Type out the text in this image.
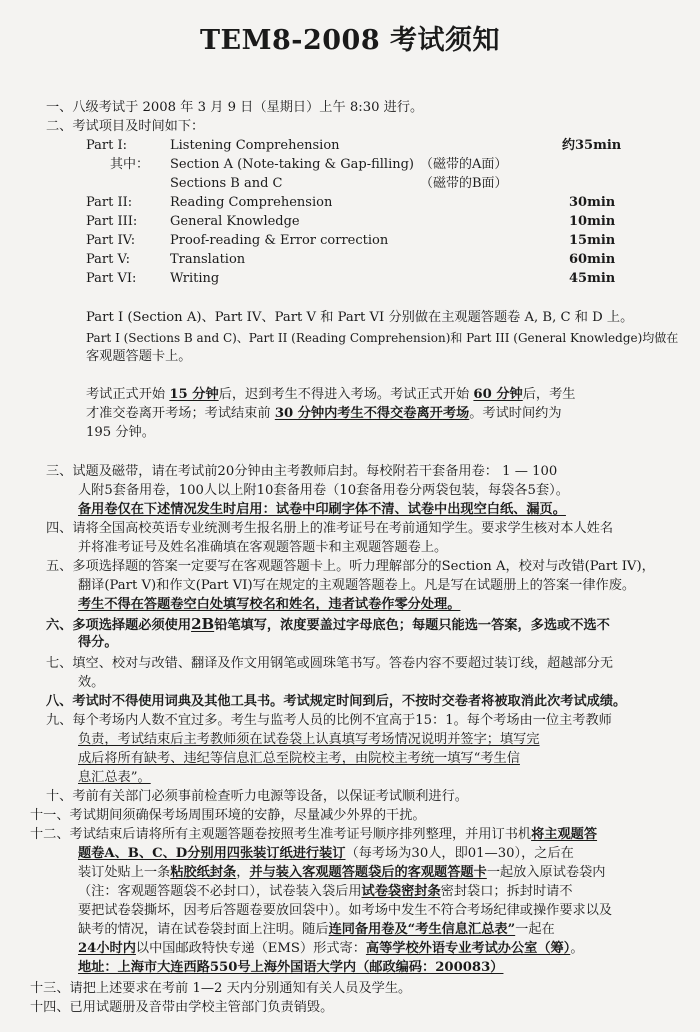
TEM8-2008 考试须知
一、八级考试于 2008 年 3 月 9 日（星期日）上午 8:30 进行。
二、考试项目及时间如下：
Part I:	Listening Comprehension	约35min
其中： Section A (Note-taking & Gap-filling) （磁带的A面）
Sections B and C	（磁带的B面）
Part II:	Reading Comprehension	30min
Part III:	General Knowledge	10min
Part IV:	Proof-reading & Error correction	15min
Part V:	Translation	60min
Part VI:	Writing	45min
Part I (Section A)、Part IV、Part V 和 Part VI 分别做在主观题答题卷 A, B, C 和 D 上。
Part I (Sections B and C)、Part II (Reading Comprehension)和 Part III (General Knowledge)均做在
客观题答题卡上。
考试正式开始 15 分钟后，迟到考生不得进入考场。考试正式开始 60 分钟后，考生
才准交卷离开考场；考试结束前 30 分钟内考生不得交卷离开考场。考试时间约为
195 分钟。
三、试题及磁带，请在考试前20分钟由主考教师启封。每校附若干套备用卷： 1 — 100
人附5套备用卷，100人以上附10套备用卷（10套备用卷分两袋包装，每袋各5套）。
备用卷仅在下述情况发生时启用：试卷中印刷字体不清、试卷中出现空白纸、漏页。
四、请将全国高校英语专业统测考生报名册上的准考证号在考前通知学生。要求学生核对本人姓名
并将准考证号及姓名准确填在客观题答题卡和主观题答题卷上。
五、多项选择题的答案一定要写在客观题答题卡上。听力理解部分的Section A，校对与改错(Part IV)，
翻译(Part V)和作文(Part VI)写在规定的主观题答题卷上。凡是写在试题册上的答案一律作废。
考生不得在答题卷空白处填写校名和姓名，违者试卷作零分处理。
六、多项选择题必须使用2B铅笔填写，浓度要盖过字母底色；每题只能选一答案，多选或不选不
得分。
七、填空、校对与改错、翻译及作文用钢笔或圆珠笔书写。答卷内容不要超过装订线，超越部分无
效。
八、考试时不得使用词典及其他工具书。考试规定时间到后，不按时交卷者将被取消此次考试成绩。
九、每个考场内人数不宜过多。考生与监考人员的比例不宜高于15：1。每个考场由一位主考教师
负责，考试结束后主考教师须在试卷袋上认真填写考场情况说明并签字；填写完
成后将所有缺考、违纪等信息汇总至院校主考，由院校主考统一填写“考生信
息汇总表”。
十、考前有关部门必须事前检查听力电源等设备，以保证考试顺利进行。
十一、考试期间须确保考场周围环境的安静，尽量减少外界的干扰。
十二、考试结束后请将所有主观题答题卷按照考生准考证号顺序排列整理，并用订书机将主观题答
题卷A、B、C、D分别用四张装订纸进行装订（每考场为30人，即01—30），之后在
装订处贴上一条粘胶纸封条，并与装入客观题答题袋后的客观题答题卡一起放入原试卷袋内
（注：客观题答题袋不必封口），试卷装入袋后用试卷袋密封条密封袋口；拆封时请不
要把试卷袋撕坏，因考后答题卷要放回袋中）。如考场中发生不符合考场纪律或操作要求以及
缺考的情况，请在试卷袋封面上注明。随后连同备用卷及“考生信息汇总表”一起在
24小时内以中国邮政特快专递（EMS）形式寄：高等学校外语专业考试办公室（筹）。
地址：上海市大连西路550号上海外国语大学内（邮政编码：200083）
十三、请把上述要求在考前 1—2 天内分别通知有关人员及学生。
十四、已用试题册及音带由学校主管部门负责销毁。
